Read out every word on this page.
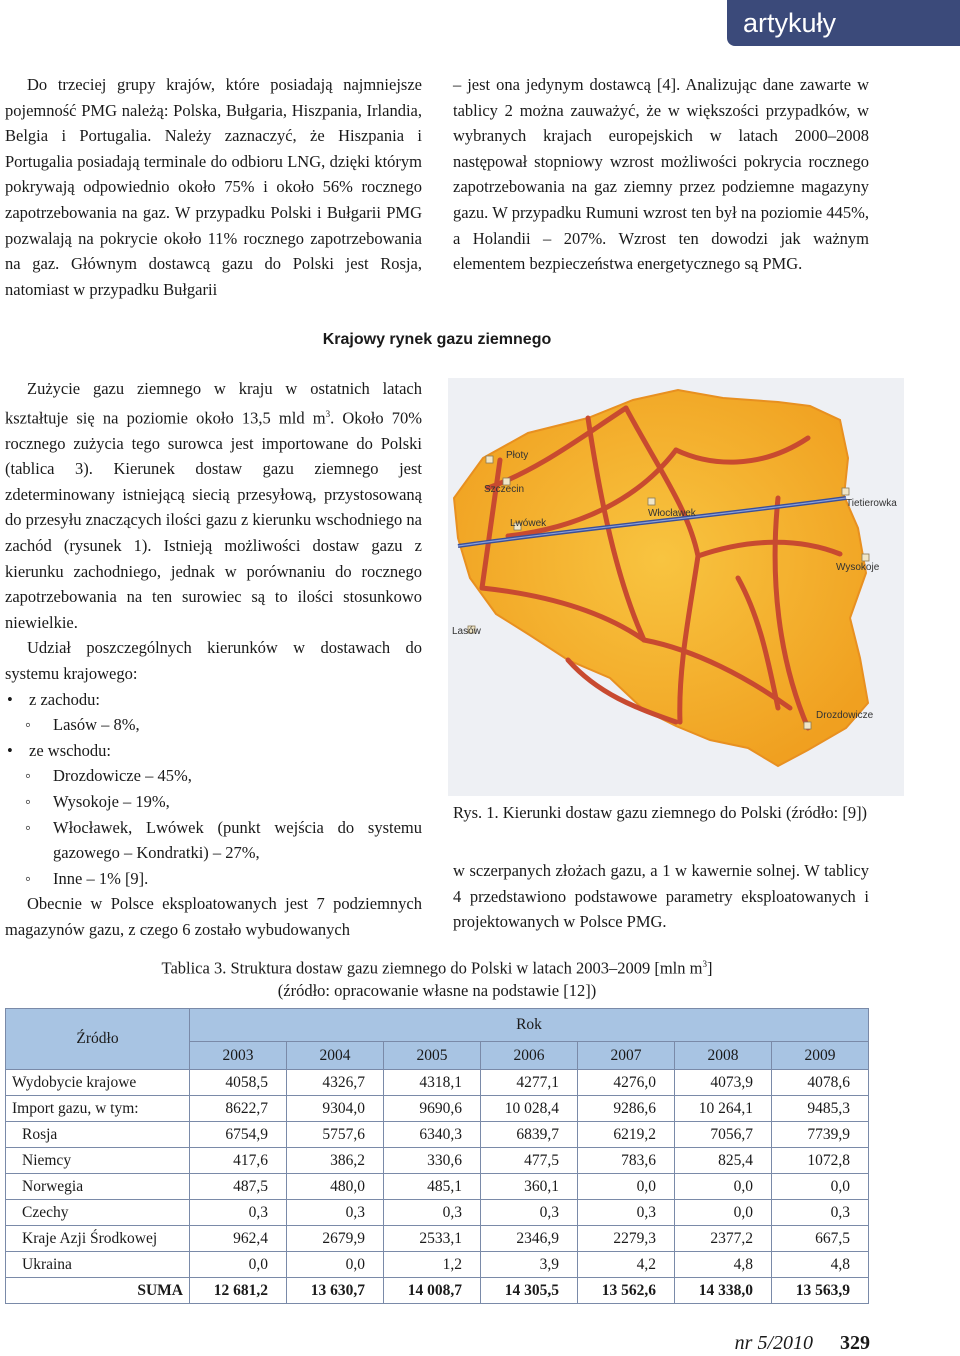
artykuły

Do trzeciej grupy krajów, które posiadają najmniejsze pojemność PMG należą: Polska, Bułgaria, Hiszpania, Irlandia, Belgia i Portugalia. Należy zaznaczyć, że Hiszpania i Portugalia posiadają terminale do odbioru LNG, dzięki którym pokrywają odpowiednio około 75% i około 56% rocznego zapotrzebowania na gaz. W przypadku Polski i Bułgarii PMG pozwalają na pokrycie około 11% rocznego zapotrzebowania na gaz. Głównym dostawcą gazu do Polski jest Rosja, natomiast w przypadku Bułgarii

– jest ona jedynym dostawcą [4]. Analizując dane zawarte w tablicy 2 można zauważyć, że w większości przypadków, w wybranych krajach europejskich w latach 2000–2008 następował stopniowy wzrost możliwości pokrycia rocznego zapotrzebowania na gaz ziemny przez podziemne magazyny gazu. W przypadku Rumuni wzrost ten był na poziomie 445%, a Holandii – 207%. Wzrost ten dowodzi jak ważnym elementem bezpieczeństwa energetycznego są PMG.

Krajowy rynek gazu ziemnego

Zużycie gazu ziemnego w kraju w ostatnich latach kształtuje się na poziomie około 13,5 mld $m^3$. Około 70% rocznego zużycia tego surowca jest importowane do Polski (tablica 3). Kierunek dostaw gazu ziemnego jest zdeterminowany istniejącą siecią przesyłową, przystosowaną do przesyłu znaczących ilości gazu z kierunku wschodniego na zachód (rysunek 1). Istnieją możliwości dostaw gazu z kierunku zachodniego, jednak w porównaniu do rocznego zapotrzebowania na ten surowiec są to ilości stosunkowo niewielkie.

Udział poszczególnych kierunków w dostawach do systemu krajowego:

• z zachodu:
◦ Lasów – 8%,
• ze wschodu:
◦ Drozdowicze – 45%,
◦ Wysokoje – 19%,
◦ Włocławek, Lwówek (punkt wejścia do systemu gazowego – Kondratki) – 27%,
◦ Inne – 1% [9].

Obecnie w Polsce eksploatowanych jest 7 podziemnych magazynów gazu, z czego 6 zostało wybudowanych

Płoty
Szczecin
Lwówek
Włocławek
Tietierowka
Wysokoje
Lasów
Drozdowicze
Rys. 1. Kierunki dostaw gazu ziemnego do Polski (źródło: [9])

w sczerpanych złożach gazu, a 1 w kawernie solnej. W tablicy 4 przedstawiono podstawowe parametry eksploatowanych i projektowanych w Polsce PMG.

Tablica 3. Struktura dostaw gazu ziemnego do Polski w latach 2003–2009 [mln $m^3$]
(źródło: opracowanie własne na podstawie [12])
Źródło	Rok						
	2003	2004	2005	2006	2007	2008	2009
Wydobycie krajowe	4058,5	4326,7	4318,1	4277,1	4276,0	4073,9	4078,6
Import gazu, w tym:	8622,7	9304,0	9690,6	10 028,4	9286,6	10 264,1	9485,3
Rosja	6754,9	5757,6	6340,3	6839,7	6219,2	7056,7	7739,9
Niemcy	417,6	386,2	330,6	477,5	783,6	825,4	1072,8
Norwegia	487,5	480,0	485,1	360,1	0,0	0,0	0,0
Czechy	0,3	0,3	0,3	0,3	0,3	0,0	0,3
Kraje Azji Środkowej	962,4	2679,9	2533,1	2346,9	2279,3	2377,2	667,5
Ukraina	0,0	0,0	1,2	3,9	4,2	4,8	4,8
SUMA	12 681,2	13 630,7	14 008,7	14 305,5	13 562,6	14 338,0	13 563,9
nr 5/2010 329
